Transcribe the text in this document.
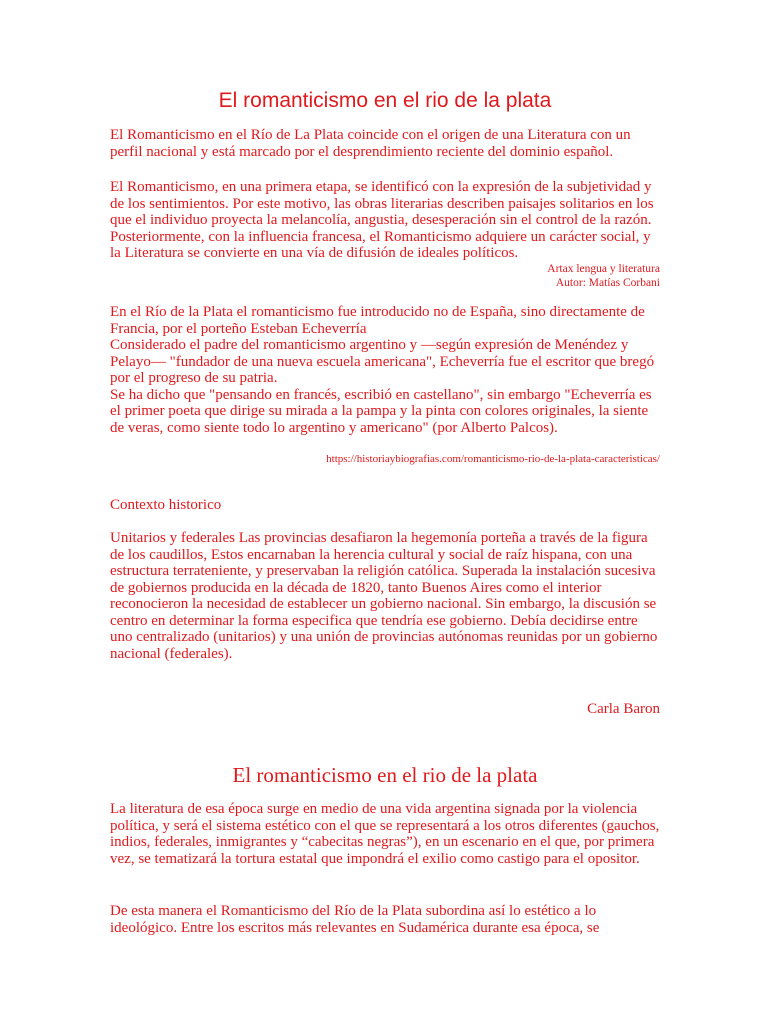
El romanticismo en el rio de la plata

El Romanticismo en el Río de La Plata coincide con el origen de una Literatura con un perfil nacional y está marcado por el desprendimiento reciente del dominio español.

El Romanticismo, en una primera etapa, se identificó con la expresión de la subjetividad y de los sentimientos. Por este motivo, las obras literarias describen paisajes solitarios en los que el individuo proyecta la melancolía, angustia, desesperación sin el control de la razón. Posteriormente, con la influencia francesa, el Romanticismo adquiere un carácter social, y la Literatura se convierte en una vía de difusión de ideales políticos.

Artax lengua y literatura
Autor: Matías Corbani

En el Río de la Plata el romanticismo fue introducido no de España, sino directamente de Francia, por el porteño Esteban Echeverría

Considerado el padre del romanticismo argentino y —según expresión de Menéndez y Pelayo— "fundador de una nueva escuela americana", Echeverría fue el escritor que bregó por el progreso de su patria.

Se ha dicho que "pensando en francés, escribió en castellano", sin embargo "Echeverría es el primer poeta que dirige su mirada a la pampa y la pinta con colores originales, la siente de veras, como siente todo lo argentino y americano" (por Alberto Palcos).

https://historiaybiografias.com/romanticismo-rio-de-la-plata-caracteristicas/

Contexto historico

Unitarios y federales Las provincias desafiaron la hegemonía porteña a través de la figura de los caudillos, Estos encarnaban la herencia cultural y social de raíz hispana, con una estructura terrateniente, y preservaban la religión católica. Superada la instalación sucesiva de gobiernos producida en la década de 1820, tanto Buenos Aires como el interior reconocieron la necesidad de establecer un gobierno nacional. Sin embargo, la discusión se centro en determinar la forma especifica que tendría ese gobierno. Debía decidirse entre uno centralizado (unitarios) y una unión de provincias autónomas reunidas por un gobierno nacional (federales).

Carla Baron

El romanticismo en el rio de la plata

La literatura de esa época surge en medio de una vida argentina signada por la violencia política, y será el sistema estético con el que se representará a los otros diferentes (gauchos, indios, federales, inmigrantes y “cabecitas negras”), en un escenario en el que, por primera vez, se tematizará la tortura estatal que impondrá el exilio como castigo para el opositor.

De esta manera el Romanticismo del Río de la Plata subordina así lo estético a lo ideológico. Entre los escritos más relevantes en Sudamérica durante esa época, se
